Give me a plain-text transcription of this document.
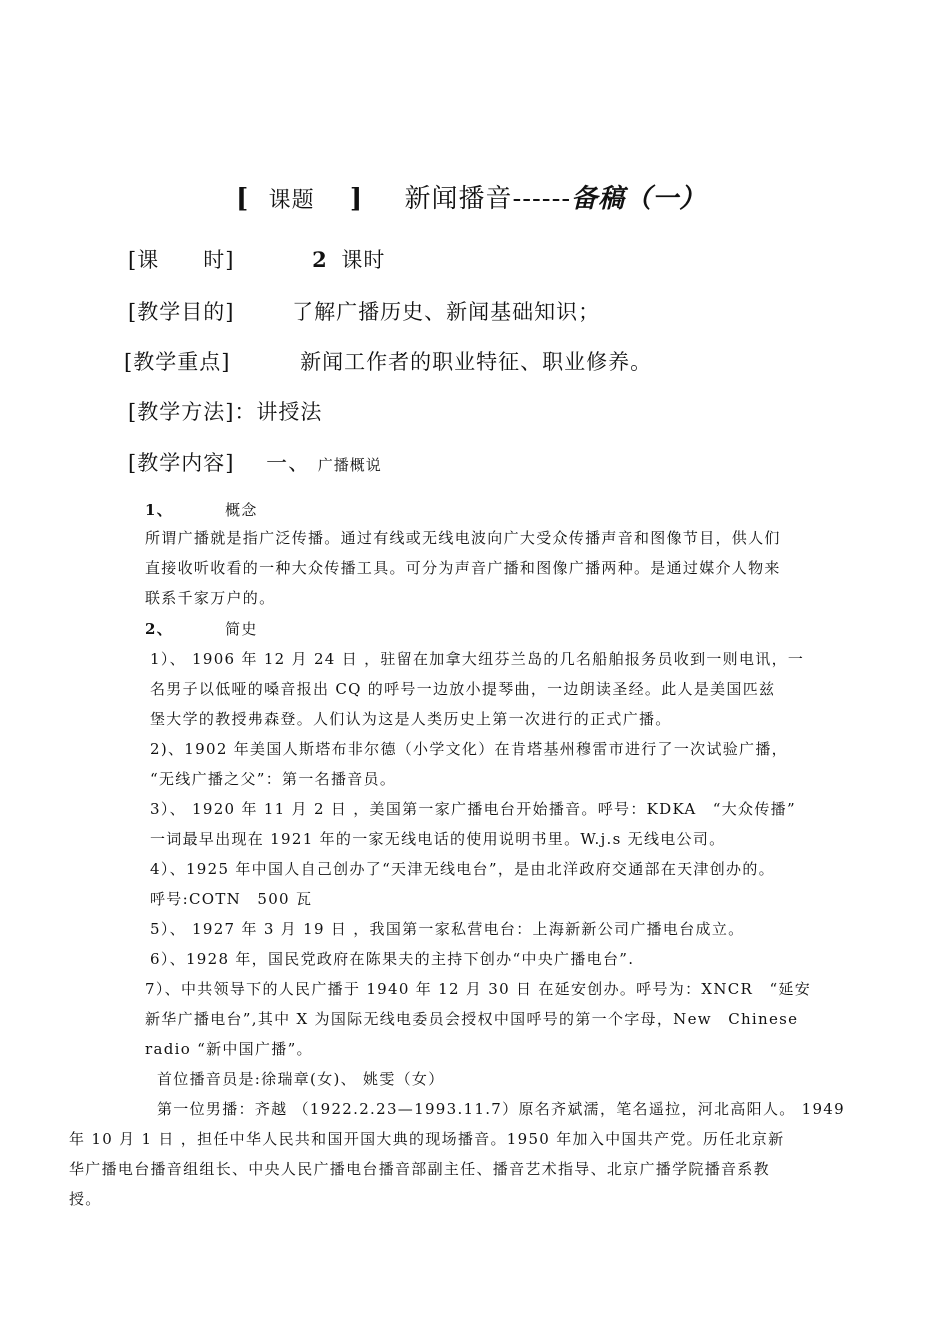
[ 课题 ] 新闻播音------备稿（一）
[课　　时]	2 课时
[教学目的]	了解广播历史、新闻基础知识；
[教学重点]	新闻工作者的职业特征、职业修养。
[教学方法]：讲授法
[教学内容] 一、 广播概说
1、	概念
所谓广播就是指广泛传播。通过有线或无线电波向广大受众传播声音和图像节目，供人们
直接收听收看的一种大众传播工具。可分为声音广播和图像广播两种。是通过媒介人物来
联系千家万户的。
2、	简史
1）、 1906 年 12 月 24 日 ，驻留在加拿大纽芬兰岛的几名船舶报务员收到一则电讯，一
名男子以低哑的嗓音报出 CQ 的呼号一边放小提琴曲，一边朗读圣经。此人是美国匹兹
堡大学的教授弗森登。人们认为这是人类历史上第一次进行的正式广播。
2)、1902 年美国人斯塔布非尔德（小学文化）在肯塔基州穆雷市进行了一次试验广播，
“无线广播之父”：第一名播音员。
3）、 1920 年 11 月 2 日 ，美国第一家广播电台开始播音。呼号：KDKA　“大众传播”
一词最早出现在 1921 年的一家无线电话的使用说明书里。W.j.s 无线电公司。
4）、1925 年中国人自己创办了“天津无线电台”，是由北洋政府交通部在天津创办的。
呼号:COTN　500 瓦
5）、 1927 年 3 月 19 日 ，我国第一家私营电台：上海新新公司广播电台成立。
6）、1928 年，国民党政府在陈果夫的主持下创办“中央广播电台”.
7）、中共领导下的人民广播于 1940 年 12 月 30 日 在延安创办。呼号为：XNCR　“延安
新华广播电台”,其中 X 为国际无线电委员会授权中国呼号的第一个字母，New　Chinese
radio “新中国广播”。
首位播音员是:徐瑞章(女)、 姚雯（女）
第一位男播：齐越 （1922.2.23—1993.11.7）原名齐斌濡，笔名遥拉，河北高阳人。 1949
年 10 月 1 日 ，担任中华人民共和国开国大典的现场播音。1950 年加入中国共产党。历任北京新
华广播电台播音组组长、中央人民广播电台播音部副主任、播音艺术指导、北京广播学院播音系教
授。
